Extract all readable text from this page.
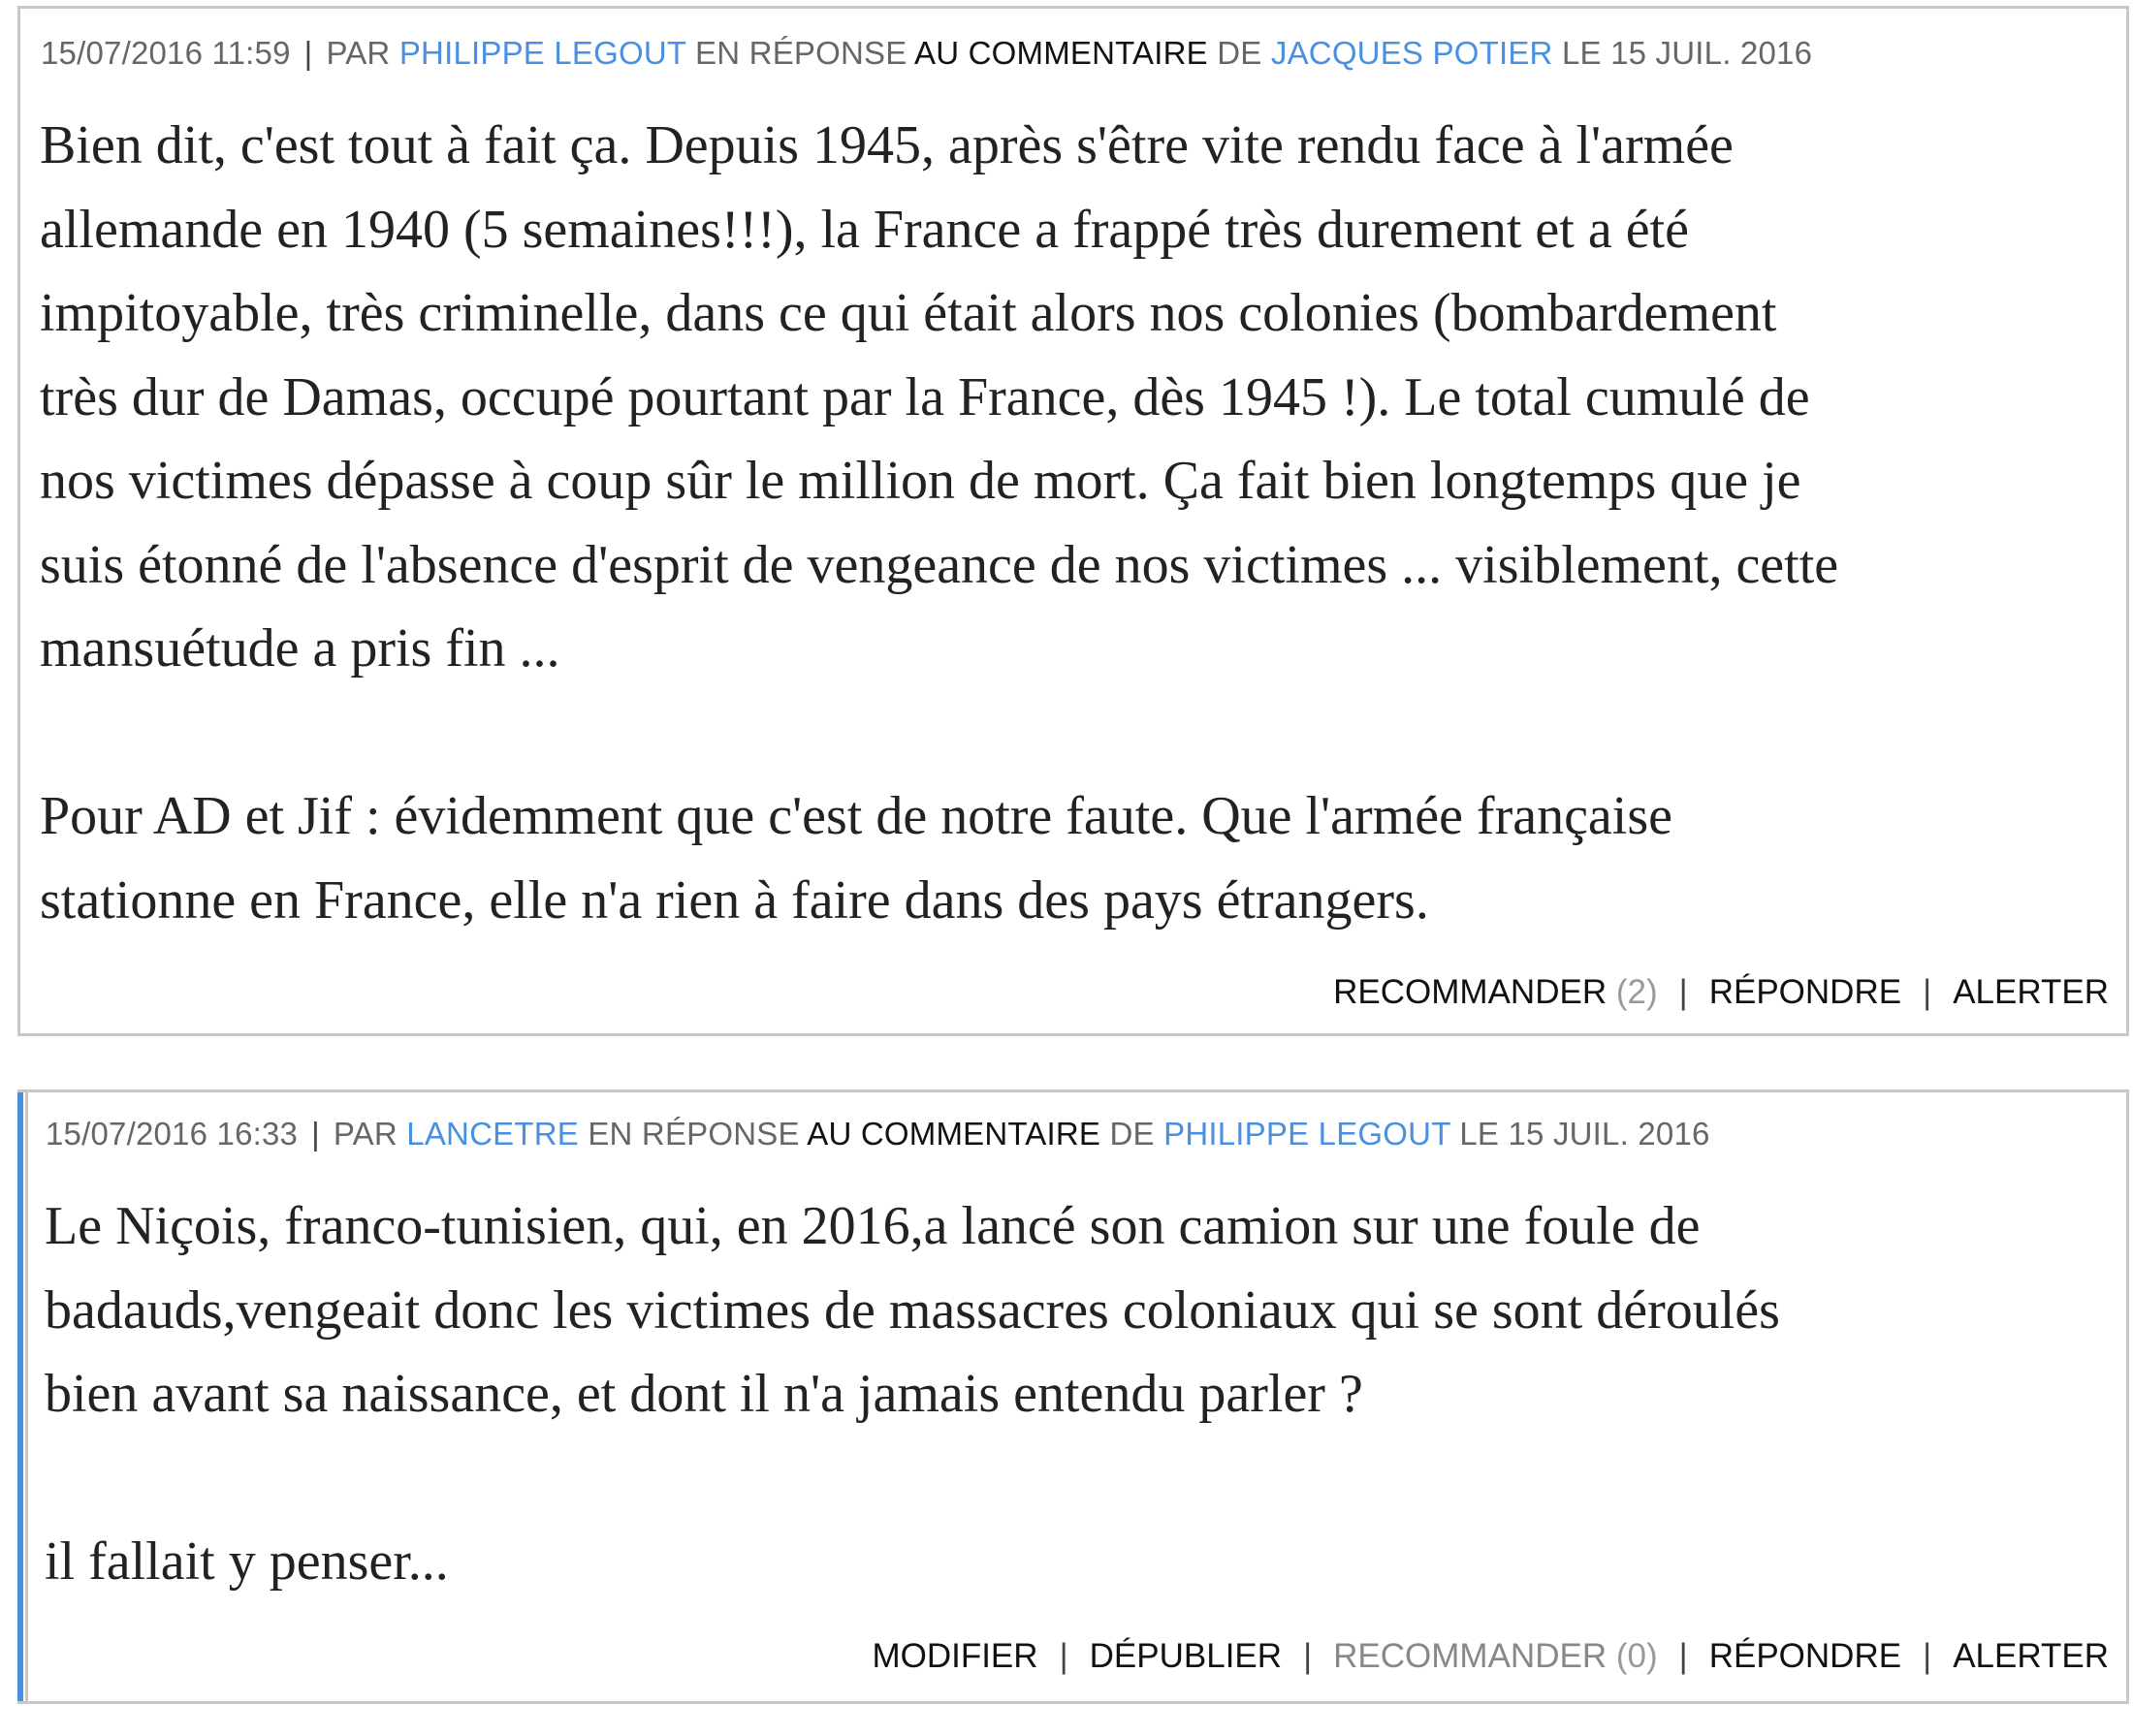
15/07/2016 11:59 | PAR PHILIPPE LEGOUT EN RÉPONSE AU COMMENTAIRE DE JACQUES POTIER LE 15 JUIL. 2016

Bien dit, c'est tout à fait ça. Depuis 1945, après s'être vite rendu face à l'armée

allemande en 1940 (5 semaines!!!), la France a frappé très durement et a été

impitoyable, très criminelle, dans ce qui était alors nos colonies (bombardement

très dur de Damas, occupé pourtant par la France, dès 1945 !). Le total cumulé de

nos victimes dépasse à coup sûr le million de mort. Ça fait bien longtemps que je

suis étonné de l'absence d'esprit de vengeance de nos victimes ... visiblement, cette

mansuétude a pris fin ...

Pour AD et Jif : évidemment que c'est de notre faute. Que l'armée française

stationne en France, elle n'a rien à faire dans des pays étrangers.

RECOMMANDER (2) | RÉPONDRE | ALERTER
15/07/2016 16:33 | PAR LANCETRE EN RÉPONSE AU COMMENTAIRE DE PHILIPPE LEGOUT LE 15 JUIL. 2016

Le Niçois, franco-tunisien, qui, en 2016,a lancé son camion sur une foule de

badauds,vengeait donc les victimes de massacres coloniaux qui se sont déroulés

bien avant sa naissance, et dont il n'a jamais entendu parler ?

il fallait y penser...

MODIFIER | DÉPUBLIER | RECOMMANDER (0) | RÉPONDRE | ALERTER
